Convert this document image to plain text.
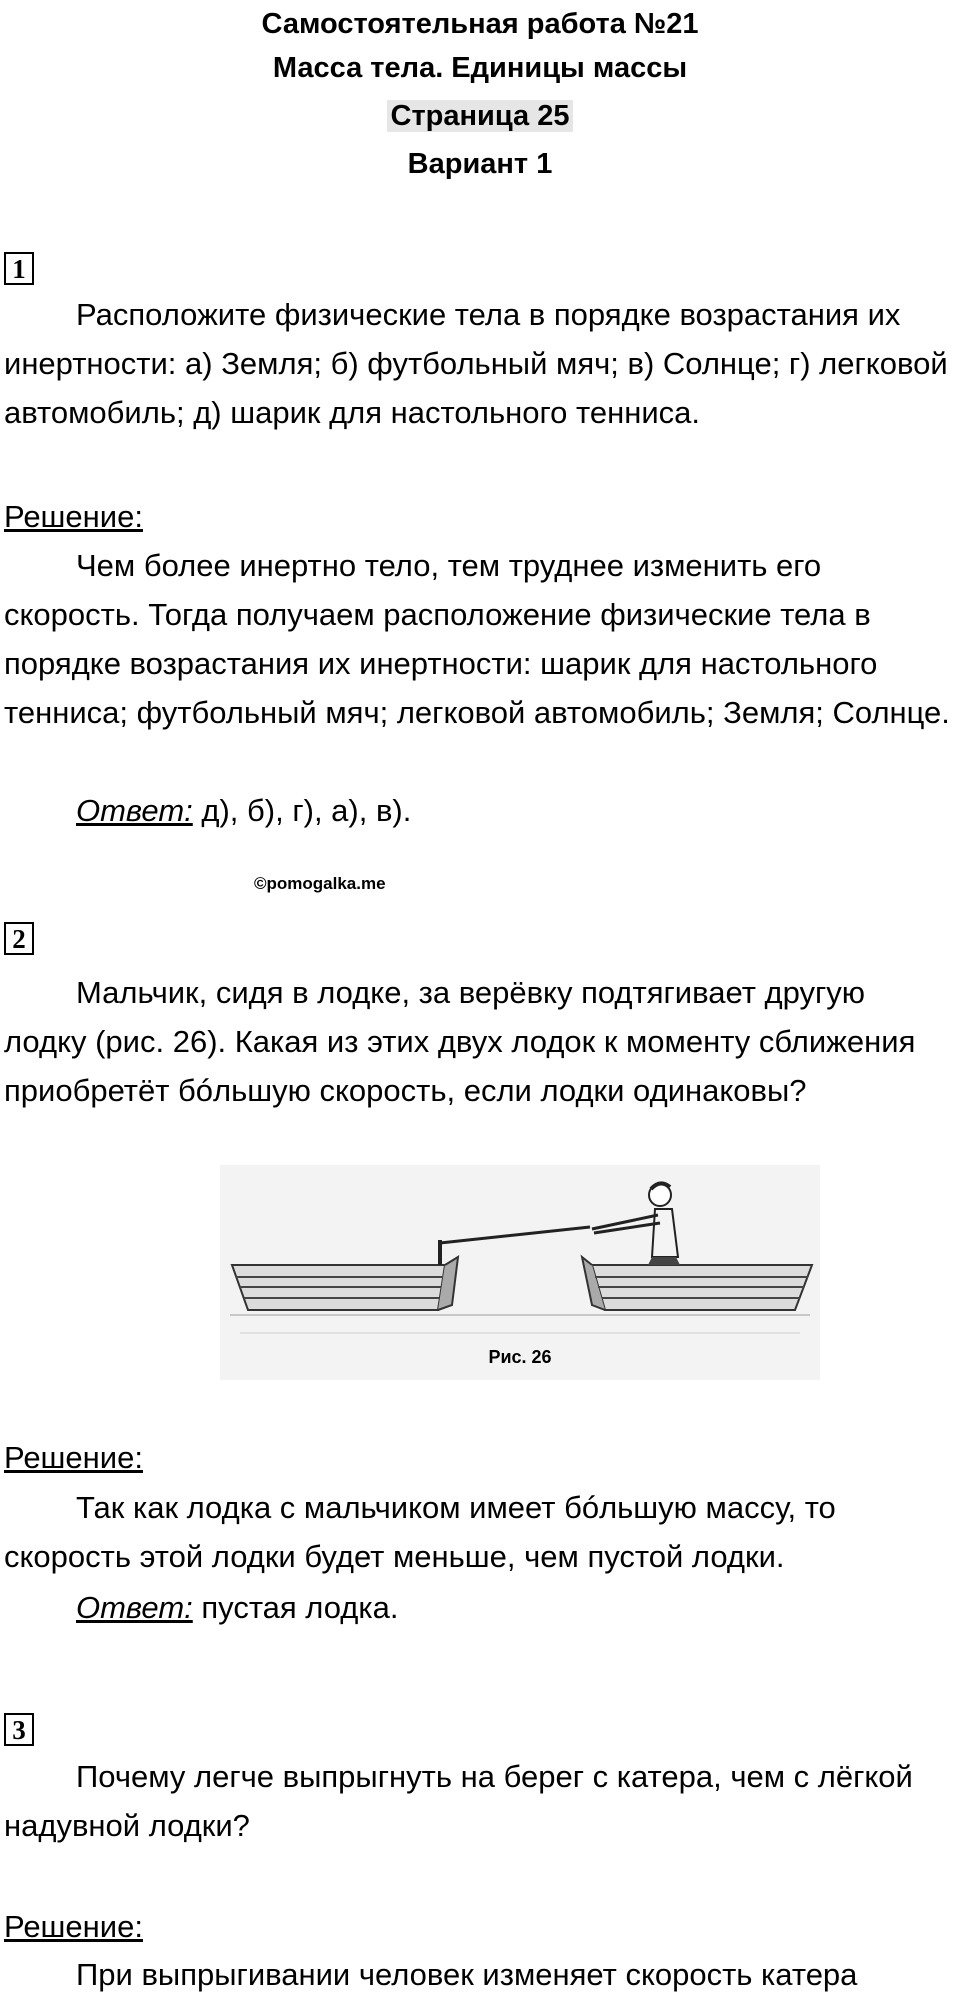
Самостоятельная работа №21
Масса тела. Единицы массы
Страница 25
Вариант 1
1
Расположите физические тела в порядке возрастания их инертности: а) Земля; б) футбольный мяч; в) Солнце; г) легковой автомобиль; д) шарик для настольного тенниса.
Решение:
Чем более инертно тело, тем труднее изменить его скорость. Тогда получаем расположение физические тела в порядке возрастания их инертности: шарик для настольного тенниса; футбольный мяч; легковой автомобиль; Земля; Солнце.
Ответ: д), б), г), а), в).
©pomogalka.me
2
Мальчик, сидя в лодке, за верёвку подтягивает другую лодку (рис. 26). Какая из этих двух лодок к моменту сближения приобретёт бóльшую скорость, если лодки одинаковы?
Рис. 26
Решение:
Так как лодка с мальчиком имеет бóльшую массу, то скорость этой лодки будет меньше, чем пустой лодки.
Ответ: пустая лодка.
3
Почему легче выпрыгнуть на берег с катера, чем с лёгкой надувной лодки?
Решение:
При выпрыгивании человек изменяет скорость катера
